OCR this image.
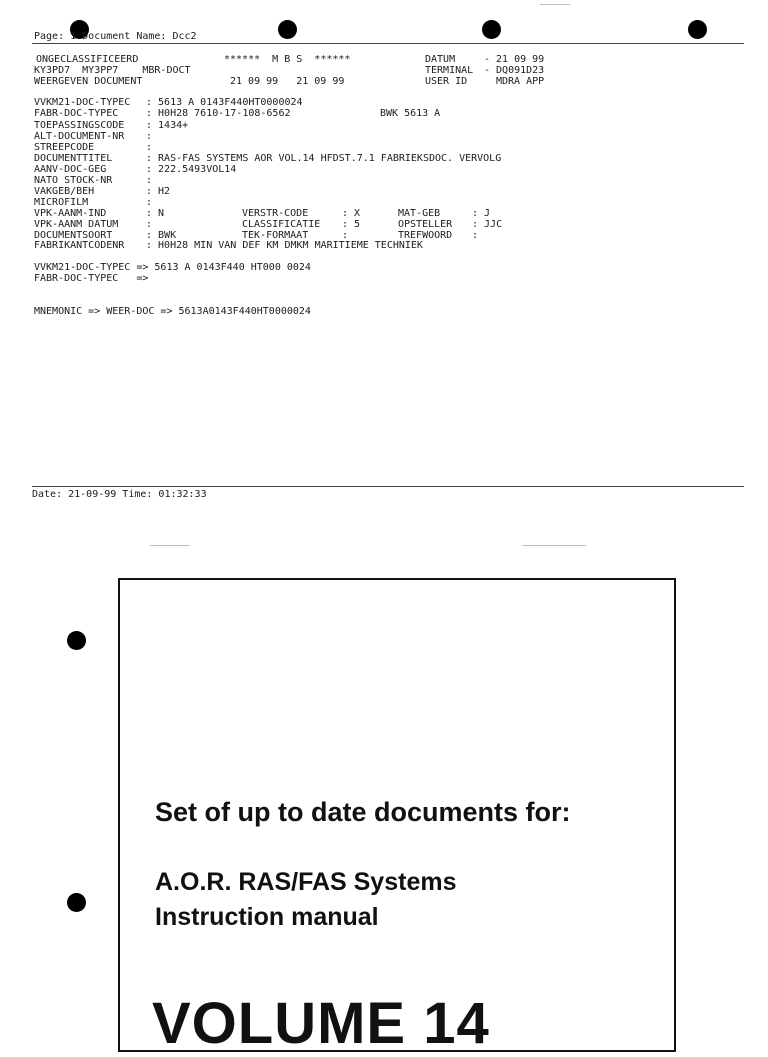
Page: 1 Document Name: Dcc2
ONGECLASSIFICEERD	******  M B S  ******	DATUM	- 21 09 99
KY3PD7  MY3PP7    MBR-DOCT	TERMINAL - DQ091D23
WEERGEVEN DOCUMENT	21 09 99   21 09 99	USER ID	MDRA APP
VVKM21-DOC-TYPEC : 5613 A 0143F440HT0000024
FABR-DOC-TYPEC	: H0H28 7610-17-108-6562	BWK 5613 A
TOEPASSINGSCODE : 1434+
ALT-DOCUMENT-NR :
STREEPCODE	:
DOCUMENTTITEL	: RAS-FAS SYSTEMS AOR VOL.14 HFDST.7.1 FABRIEKSDOC. VERVOLG
AANV-DOC-GEG	: 222.5493VOL14
NATO STOCK-NR	:
VAKGEB/BEH	: H2
MICROFILM	:
VPK-AANM-IND	: N	VERSTR-CODE	: X	MAT-GEB	: J
VPK-AANM DATUM	:	CLASSIFICATIE : 5	OPSTELLER : JJC
DOCUMENTSOORT	: BWK	TEK-FORMAAT	:	TREFWOORD :
FABRIKANTCODENR : H0H28 MIN VAN DEF KM DMKM MARITIEME TECHNIEK
VVKM21-DOC-TYPEC => 5613 A 0143F440 HT000 0024
FABR-DOC-TYPEC   =>
MNEMONIC => WEER-DOC => 5613A0143F440HT0000024
Date: 21-09-99 Time: 01:32:33
Set of up to date documents for:
A.O.R. RAS/FAS Systems
Instruction manual
VOLUME 14
